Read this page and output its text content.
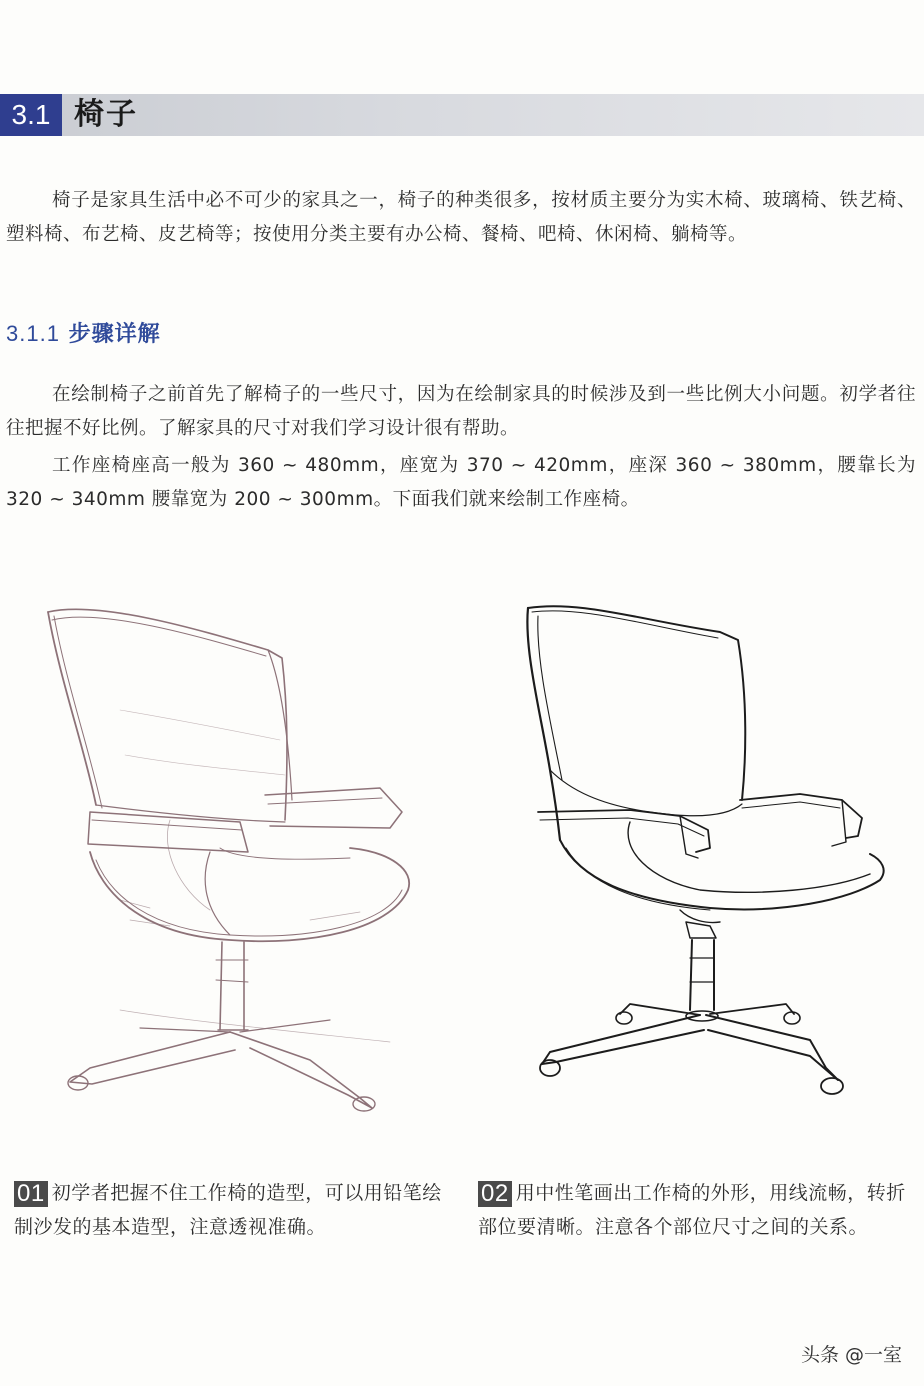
3.1 椅子

椅子是家具生活中必不可少的家具之一，椅子的种类很多，按材质主要分为实木椅、玻璃椅、铁艺椅、塑料椅、布艺椅、皮艺椅等；按使用分类主要有办公椅、餐椅、吧椅、休闲椅、躺椅等。

3.1.1 步骤详解

在绘制椅子之前首先了解椅子的一些尺寸，因为在绘制家具的时候涉及到一些比例大小问题。初学者往往把握不好比例。了解家具的尺寸对我们学习设计很有帮助。

工作座椅座高一般为 360 ~ 480mm，座宽为 370 ~ 420mm，座深 360 ~ 380mm，腰靠长为 320 ~ 340mm 腰靠宽为 200 ~ 300mm。下面我们就来绘制工作座椅。

01 初学者把握不住工作椅的造型，可以用铅笔绘制沙发的基本造型，注意透视准确。
02 用中性笔画出工作椅的外形，用线流畅，转折部位要清晰。注意各个部位尺寸之间的关系。
头条 @一室
